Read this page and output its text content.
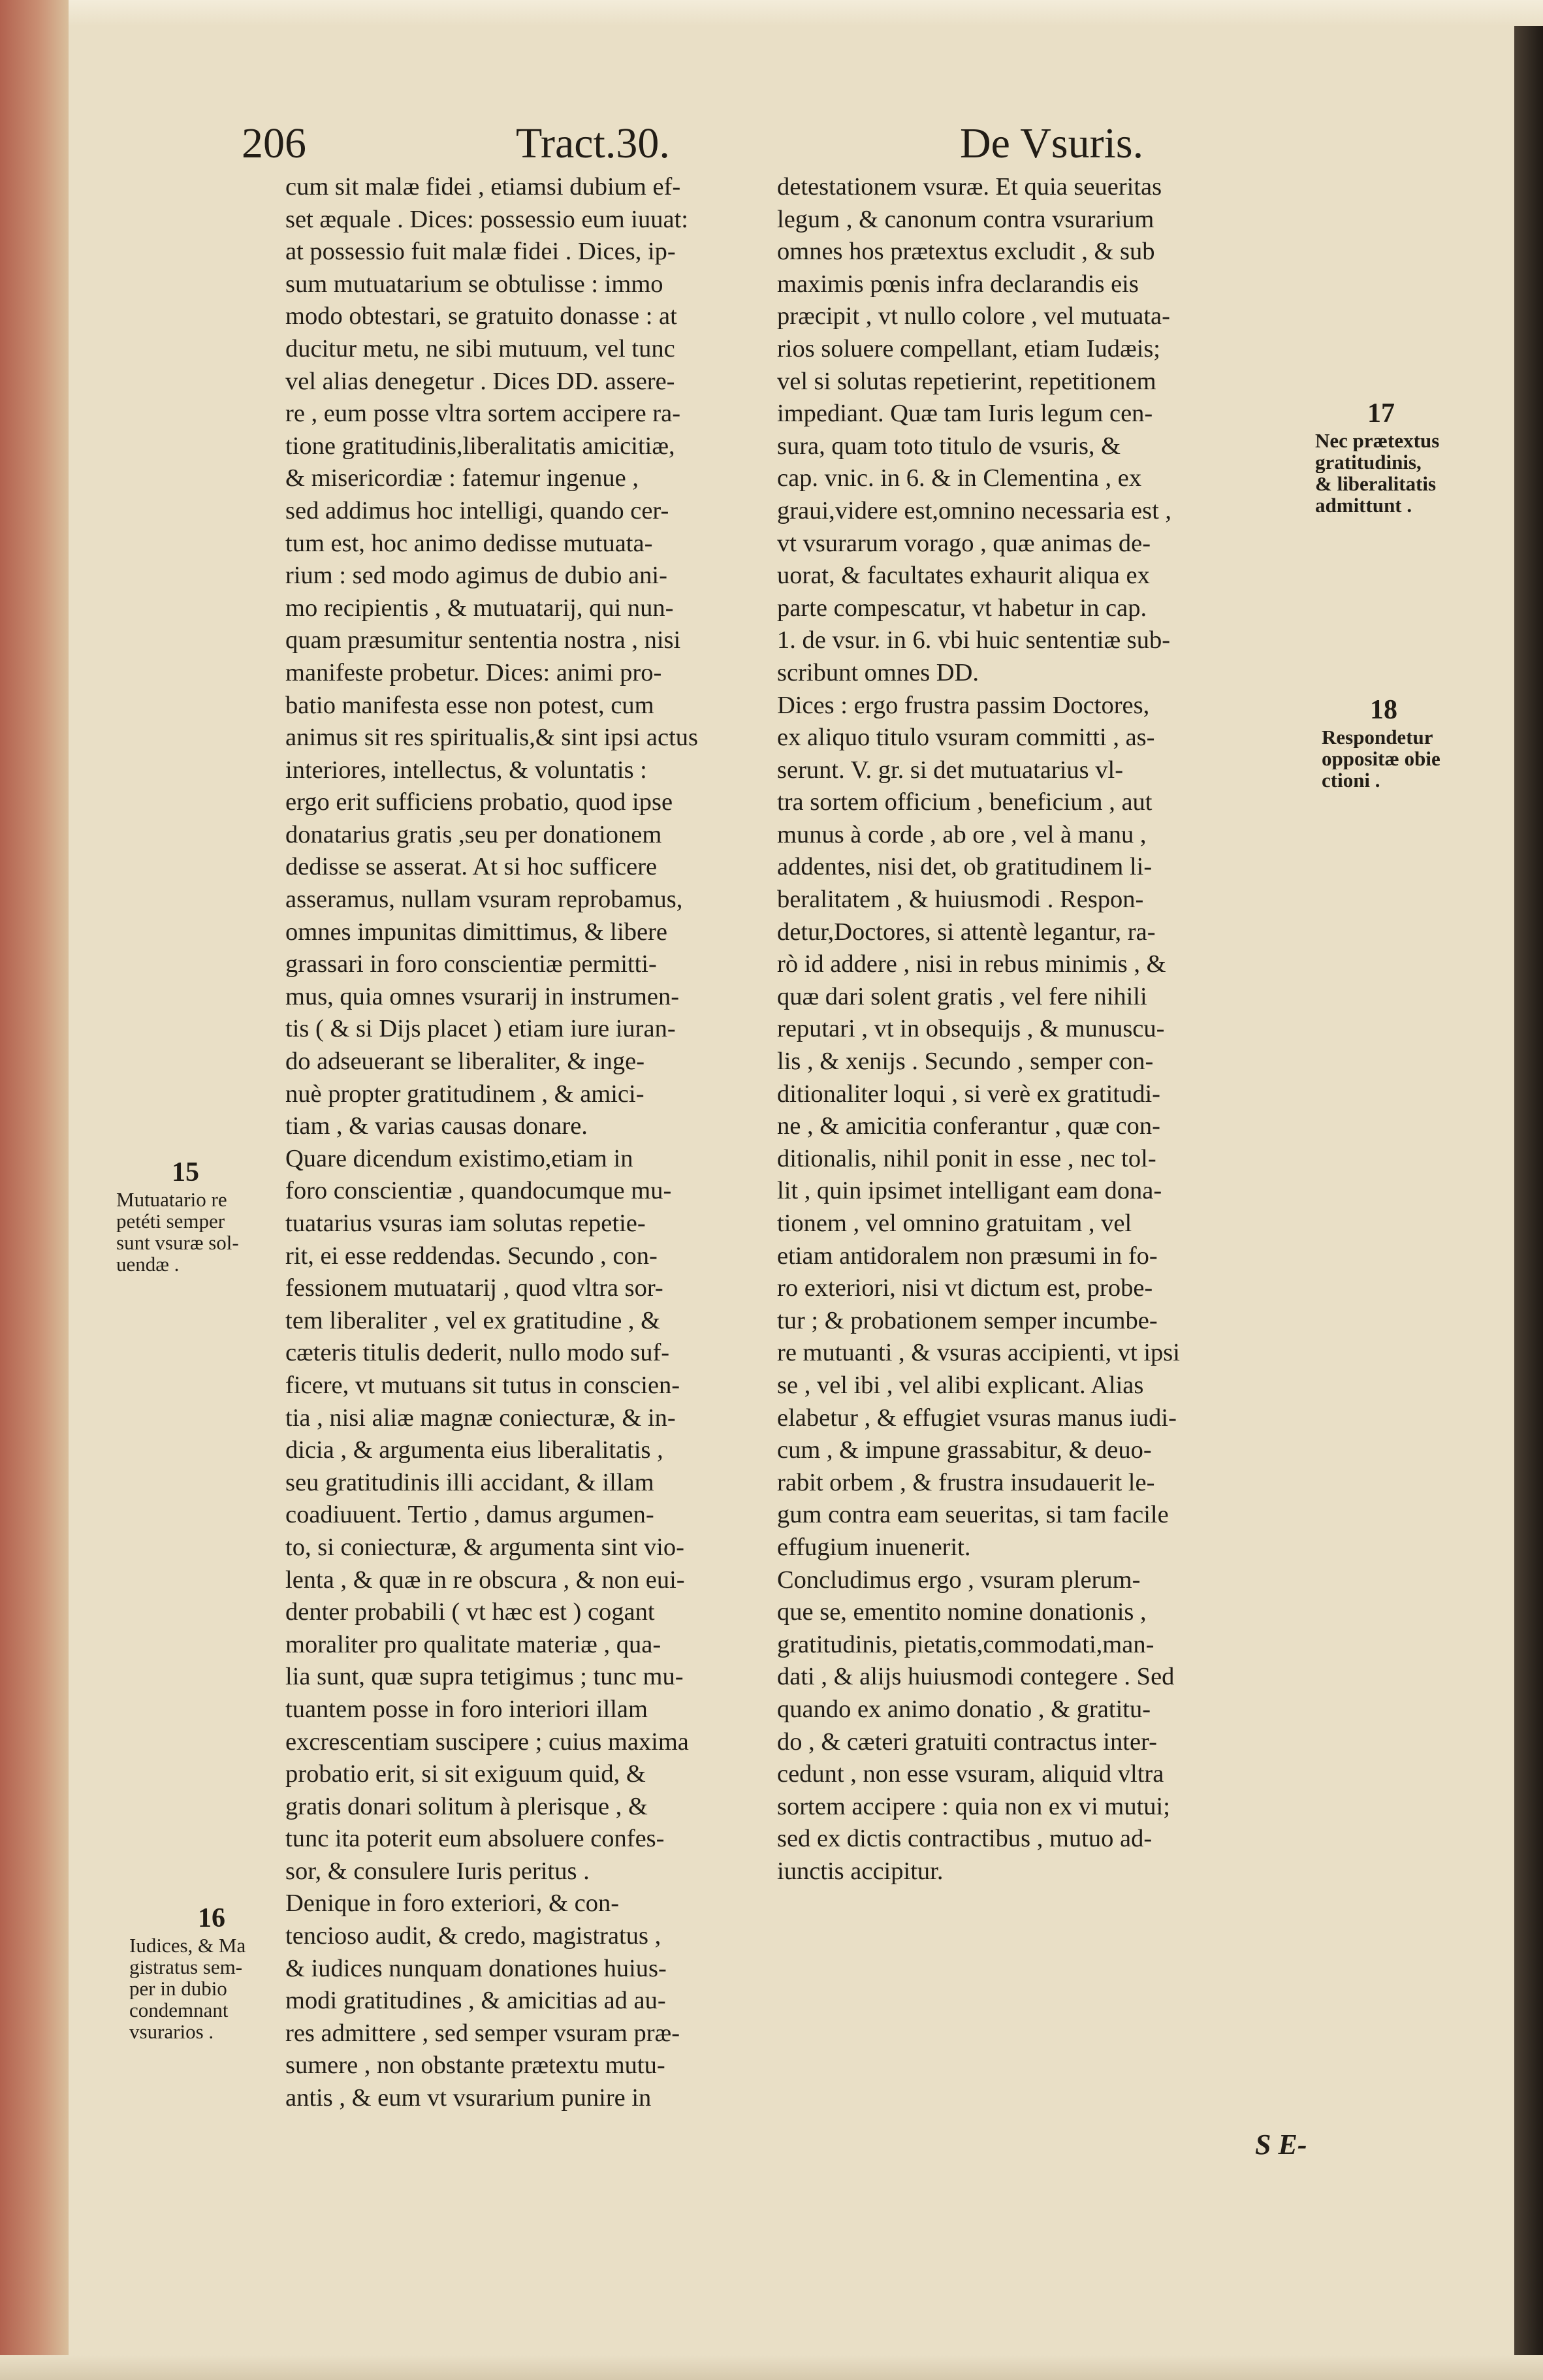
206	Tract.30.	De Vsuris.
cum sit malæ fidei , etiamsi dubium ef-
set æquale . Dices: possessio eum iuuat:
at possessio fuit malæ fidei . Dices, ip-
sum mutuatarium se obtulisse : immo
modo obtestari, se gratuito donasse : at
ducitur metu, ne sibi mutuum, vel tunc
vel alias denegetur . Dices DD. assere-
re , eum posse vltra sortem accipere ra-
tione gratitudinis,liberalitatis amicitiæ,
& misericordiæ : fatemur ingenue ,
sed addimus hoc intelligi, quando cer-
tum est, hoc animo dedisse mutuata-
rium : sed modo agimus de dubio ani-
mo recipientis , & mutuatarij, qui nun-
quam præsumitur sententia nostra , nisi
manifeste probetur. Dices: animi pro-
batio manifesta esse non potest, cum
animus sit res spiritualis,& sint ipsi actus
interiores, intellectus, & voluntatis :
ergo erit sufficiens probatio, quod ipse
donatarius gratis ,seu per donationem
dedisse se asserat. At si hoc sufficere
asseramus, nullam vsuram reprobamus,
omnes impunitas dimittimus, & libere
grassari in foro conscientiæ permitti-
mus, quia omnes vsurarij in instrumen-
tis ( & si Dijs placet ) etiam iure iuran-
do adseuerant se liberaliter, & inge-
nuè propter gratitudinem , & amici-
tiam , & varias causas donare.
Quare dicendum existimo,etiam in
foro conscientiæ , quandocumque mu-
tuatarius vsuras iam solutas repetie-
rit, ei esse reddendas. Secundo , con-
fessionem mutuatarij , quod vltra sor-
tem liberaliter , vel ex gratitudine , &
cæteris titulis dederit, nullo modo suf-
ficere, vt mutuans sit tutus in conscien-
tia , nisi aliæ magnæ coniecturæ, & in-
dicia , & argumenta eius liberalitatis ,
seu gratitudinis illi accidant, & illam
coadiuuent. Tertio , damus argumen-
to, si coniecturæ, & argumenta sint vio-
lenta , & quæ in re obscura , & non eui-
denter probabili ( vt hæc est ) cogant
moraliter pro qualitate materiæ , qua-
lia sunt, quæ supra tetigimus ; tunc mu-
tuantem posse in foro interiori illam
excrescentiam suscipere ; cuius maxima
probatio erit, si sit exiguum quid, &
gratis donari solitum à plerisque , &
tunc ita poterit eum absoluere confes-
sor, & consulere Iuris peritus .
Denique in foro exteriori, & con-
tencioso audit, & credo, magistratus ,
& iudices nunquam donationes huius-
modi gratitudines , & amicitias ad au-
res admittere , sed semper vsuram præ-
sumere , non obstante prætextu mutu-
antis , & eum vt vsurarium punire in
detestationem vsuræ. Et quia seueritas
legum , & canonum contra vsurarium
omnes hos prætextus excludit , & sub
maximis pœnis infra declarandis eis
præcipit , vt nullo colore , vel mutuata-
rios soluere compellant, etiam Iudæis;
vel si solutas repetierint, repetitionem
impediant. Quæ tam Iuris legum cen-
sura, quam toto titulo de vsuris, &
cap. vnic. in 6. & in Clementina , ex
graui,videre est,omnino necessaria est ,
vt vsurarum vorago , quæ animas de-
uorat, & facultates exhaurit aliqua ex
parte compescatur, vt habetur in cap.
1. de vsur. in 6. vbi huic sententiæ sub-
scribunt omnes DD.
Dices : ergo frustra passim Doctores,
ex aliquo titulo vsuram committi , as-
serunt. V. gr. si det mutuatarius vl-
tra sortem officium , beneficium , aut
munus à corde , ab ore , vel à manu ,
addentes, nisi det, ob gratitudinem li-
beralitatem , & huiusmodi . Respon-
detur,Doctores, si attentè legantur, ra-
rò id addere , nisi in rebus minimis , &
quæ dari solent gratis , vel fere nihili
reputari , vt in obsequijs , & munuscu-
lis , & xenijs . Secundo , semper con-
ditionaliter loqui , si verè ex gratitudi-
ne , & amicitia conferantur , quæ con-
ditionalis, nihil ponit in esse , nec tol-
lit , quin ipsimet intelligant eam dona-
tionem , vel omnino gratuitam , vel
etiam antidoralem non præsumi in fo-
ro exteriori, nisi vt dictum est, probe-
tur ; & probationem semper incumbe-
re mutuanti , & vsuras accipienti, vt ipsi
se , vel ibi , vel alibi explicant. Alias
elabetur , & effugiet vsuras manus iudi-
cum , & impune grassabitur, & deuo-
rabit orbem , & frustra insudauerit le-
gum contra eam seueritas, si tam facile
effugium inuenerit.
Concludimus ergo , vsuram plerum-
que se, ementito nomine donationis ,
gratitudinis, pietatis,commodati,man-
dati , & alijs huiusmodi contegere . Sed
quando ex animo donatio , & gratitu-
do , & cæteri gratuiti contractus inter-
cedunt , non esse vsuram, aliquid vltra
sortem accipere : quia non ex vi mutui;
sed ex dictis contractibus , mutuo ad-
iunctis accipitur.
15
Mutuatario re
petéti semper
sunt vsuræ sol-
uendæ .
16
Iudices, & Ma
gistratus sem-
per in dubio
condemnant
vsurarios .
17
Nec prætextus
gratitudinis,
& liberalitatis
admittunt .
18
Respondetur
oppositæ obie
ctioni .
S E-
